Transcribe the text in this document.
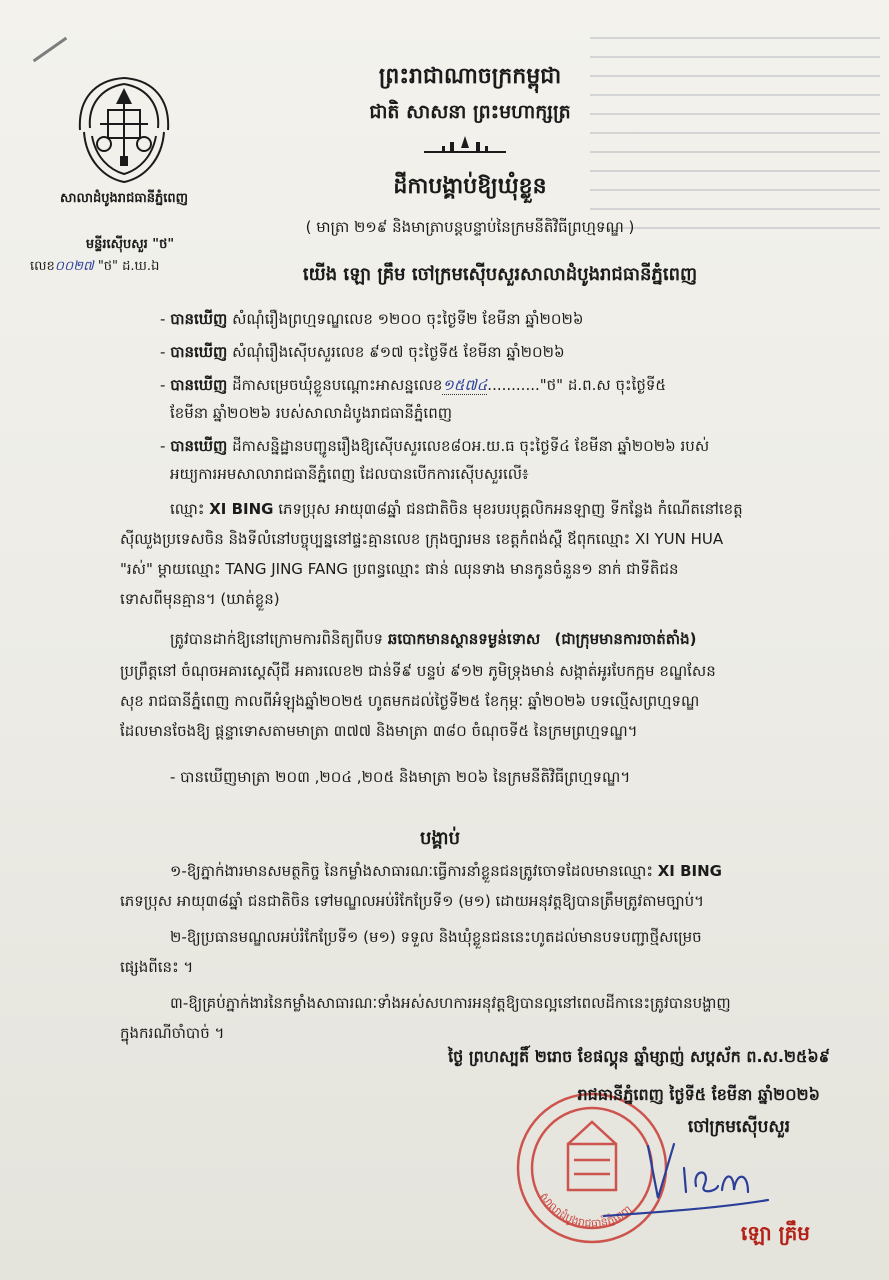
សាលាដំបូងរាជធានីភ្នំពេញ
មន្ទីរស៊ើបសួរ "ថ"
លេខ០០២៧ "ថ" ដ.ឃ.ឯ
ព្រះរាជាណាចក្រកម្ពុជា
ជាតិ សាសនា ព្រះមហាក្សត្រ
ដីកាបង្គាប់ឱ្យឃុំខ្លួន
( មាត្រា ២១៩ និងមាត្រាបន្តបន្ទាប់នៃក្រមនីតិវិធីព្រហ្មទណ្ឌ )
យើង ឡោ គ្រឹម ចៅក្រមស៊ើបសួរសាលាដំបូងរាជធានីភ្នំពេញ
- បានឃើញ សំណុំរឿងព្រហ្មទណ្ឌលេខ ១២០០ ចុះថ្ងៃទី២ ខែមីនា ឆ្នាំ២០២៦
- បានឃើញ សំណុំរឿងស៊ើបសួរលេខ ៩១៧ ចុះថ្ងៃទី៥ ខែមីនា ឆ្នាំ២០២៦
- បានឃើញ ដីកាសម្រេចឃុំខ្លួនបណ្ដោះអាសន្នលេខ១៥៧៤..........."ថ" ដ.ព.ស ចុះថ្ងៃទី៥
ខែមីនា ឆ្នាំ២០២៦ របស់សាលាដំបូងរាជធានីភ្នំពេញ
- បានឃើញ ដីកាសន្និដ្ឋានបញ្ជូនរឿងឱ្យស៊ើបសួរលេខ៨០អ.យ.ធ ចុះថ្ងៃទី៤ ខែមីនា ឆ្នាំ២០២៦ របស់
អយ្យការអមសាលារាជធានីភ្នំពេញ ដែលបានបើកការស៊ើបសួរលើ៖
ឈ្មោះ XI BING ភេទប្រុស អាយុ៣៨ឆ្នាំ ជនជាតិចិន មុខរបរបុគ្គលិកអនឡាញ ទីកន្លែង កំណើតនៅខេត្ត
ស៊ីឈួងប្រទេសចិន និងទីលំនៅបច្ចុប្បន្ននៅផ្ទះគ្មានលេខ ក្រុងច្បារមន ខេត្តកំពង់ស្ពឺ ឪពុកឈ្មោះ XI YUN HUA
"រស់" ម្ដាយឈ្មោះ TANG JING FANG ប្រពន្ធឈ្មោះ ផាន់ ឈុនទាង មានកូនចំនួន១ នាក់ ជាទីតិជន
ទោសពីមុនគ្មាន។ (ឃាត់ខ្លួន)
ត្រូវបានដាក់ឱ្យនៅក្រោមការពិនិត្យពីបទ ឆបោកមានស្ថានទម្ងន់ទោស (ជាក្រុមមានការចាត់តាំង)
ប្រព្រឹត្តនៅ ចំណុចអគារស្ដេសុីជី អគារលេខ២ ជាន់ទី៩ បន្ទប់ ៩១២ ភូមិទ្រុងមាន់ សង្កាត់អូរបែកក្អម ខណ្ឌសែន
សុខ រាជធានីភ្នំពេញ កាលពីអំឡុងឆ្នាំ២០២៥ ហូតមកដល់ថ្ងៃទី២៥ ខែកុម្ភៈ ឆ្នាំ២០២៦ បទល្មើសព្រហ្មទណ្ឌ
ដែលមានចែងឱ្យ ផ្ដន្ទាទោសតាមមាត្រា ៣៧៧ និងមាត្រា ៣៨០ ចំណុចទី៥ នៃក្រមព្រហ្មទណ្ឌ។
- បានឃើញមាត្រា ២០៣ ,២០៤ ,២០៥ និងមាត្រា ២០៦ នៃក្រមនីតិវិធីព្រហ្មទណ្ឌ។
បង្គាប់
១-ឱ្យភ្នាក់ងារមានសមត្ថកិច្ច នៃកម្លាំងសាធារណៈធ្វើការនាំខ្លួនជនត្រូវចោទដែលមានឈ្មោះ XI BING
ភេទប្រុស អាយុ៣៨ឆ្នាំ ជនជាតិចិន ទៅមណ្ឌលអប់រំកែប្រែទី១ (ម១) ដោយអនុវត្តឱ្យបានត្រឹមត្រូវតាមច្បាប់។
២-ឱ្យប្រធានមណ្ឌលអប់រំកែប្រែទី១ (ម១) ទទួល និងឃុំខ្លួនជននេះហូតដល់មានបទបញ្ជាថ្មីសម្រេច
ផ្សេងពីនេះ ។
៣-ឱ្យគ្រប់ភ្នាក់ងារនៃកម្លាំងសាធារណៈទាំងអស់សហការអនុវត្តឱ្យបានល្អនៅពេលដីកានេះត្រូវបានបង្ហាញ
ក្នុងករណីចាំបាច់ ។
សាលាដំបូងរាជធានីភ្នំពេញ
ថ្ងៃ ព្រហស្បតិ៍ ២រោច ខែផល្គុន ឆ្នាំម្សាញ់ សប្តស័ក ព.ស.២៥៦៩
រាជធានីភ្នំពេញ ថ្ងៃទី៥ ខែមីនា ឆ្នាំ២០២៦
ចៅក្រមស៊ើបសួរ
ឡោ គ្រឹម
